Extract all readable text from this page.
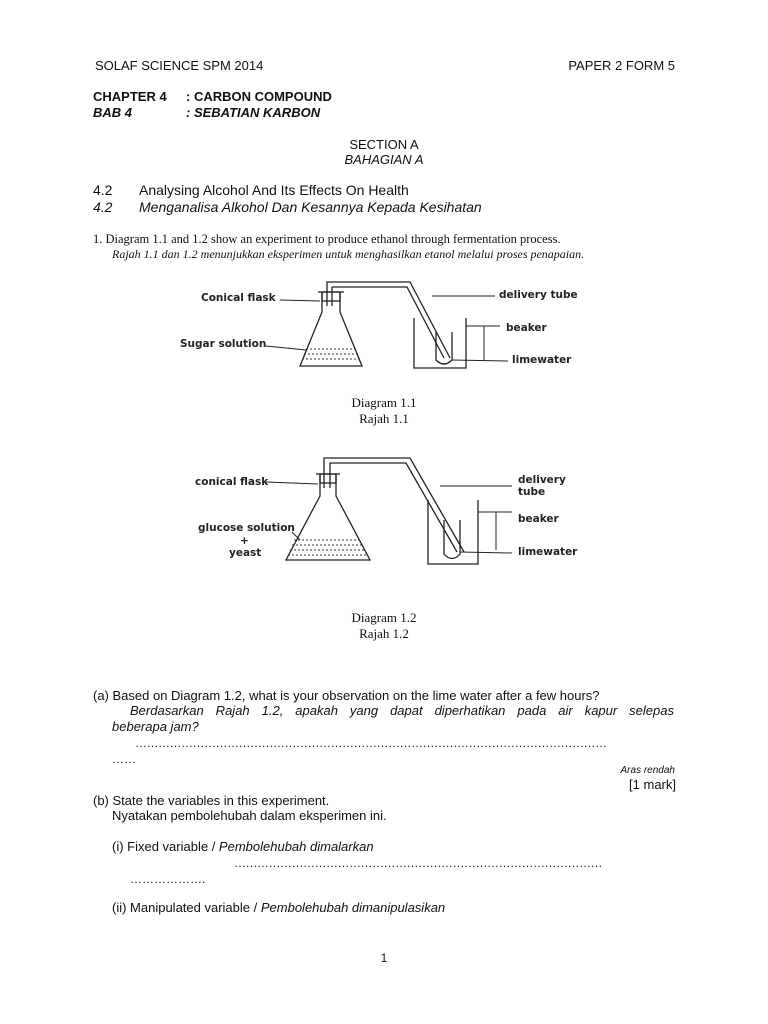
SOLAF SCIENCE SPM 2014	PAPER 2 FORM 5
CHAPTER 4 : CARBON COMPOUND
BAB 4	: SEBATIAN KARBON
SECTION A
BAHAGIAN A
4.2 Analysing Alcohol And Its Effects On Health
4.2 Menganalisa Alkohol Dan Kesannya Kepada Kesihatan
1. Diagram 1.1 and 1.2 show an experiment to produce ethanol through fermentation process.
Rajah 1.1 dan 1.2 menunjukkan eksperimen untuk menghasilkan etanol melalui proses penapaian.
Conical flask
Sugar solution
delivery tube
beaker
limewater
Diagram 1.1
Rajah 1.1
conical flask
glucose solution
+
yeast
delivery
tube
beaker
limewater
Diagram 1.2
Rajah 1.2
(a) Based on Diagram 1.2, what is your observation on the lime water after a few hours?
Berdasarkan Rajah 1.2, apakah yang dapat diperhatikan pada air kapur selepas
beberapa jam?
……………………………………………………………………………………………………………
……
Aras rendah
[1 mark]
(b) State the variables in this experiment.
Nyatakan pembolehubah dalam eksperimen ini.
(i) Fixed variable / Pembolehubah dimalarkan
……………………………………………………………………………………
……………….
(ii) Manipulated variable / Pembolehubah dimanipulasikan
1
